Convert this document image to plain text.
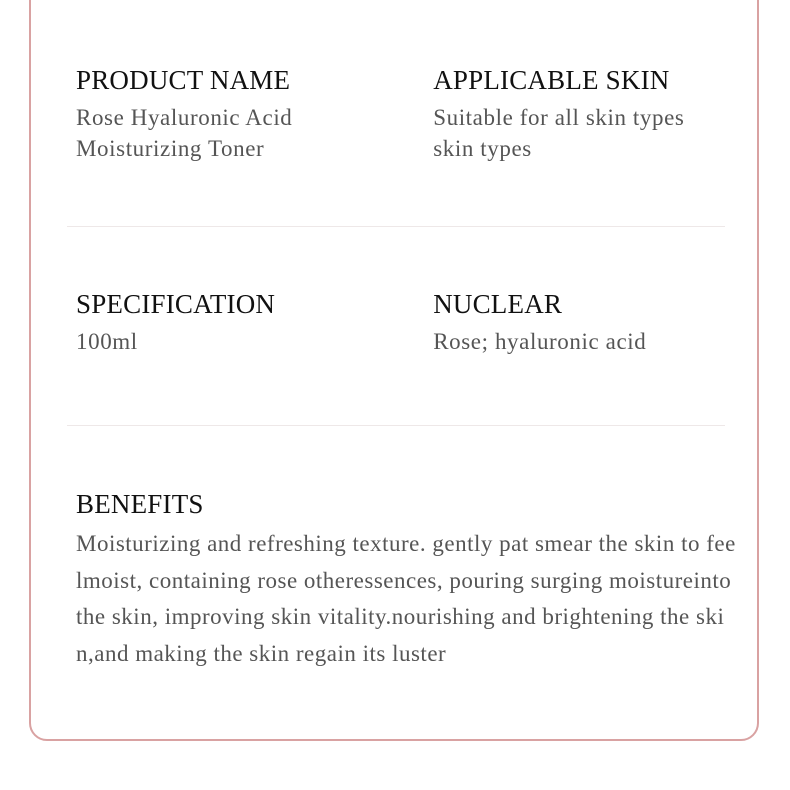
PRODUCT NAME

Rose Hyaluronic Acid Moisturizing Toner

APPLICABLE SKIN

Suitable for all skin types skin types

SPECIFICATION

100ml

NUCLEAR

Rose; hyaluronic acid

BENEFITS

Moisturizing and refreshing texture. gently pat smear the skin to feelmoist, containing rose otheressences, pouring surging moistureinto the skin, improving skin vitality.nourishing and brightening the skin,and making the skin regain its luster
